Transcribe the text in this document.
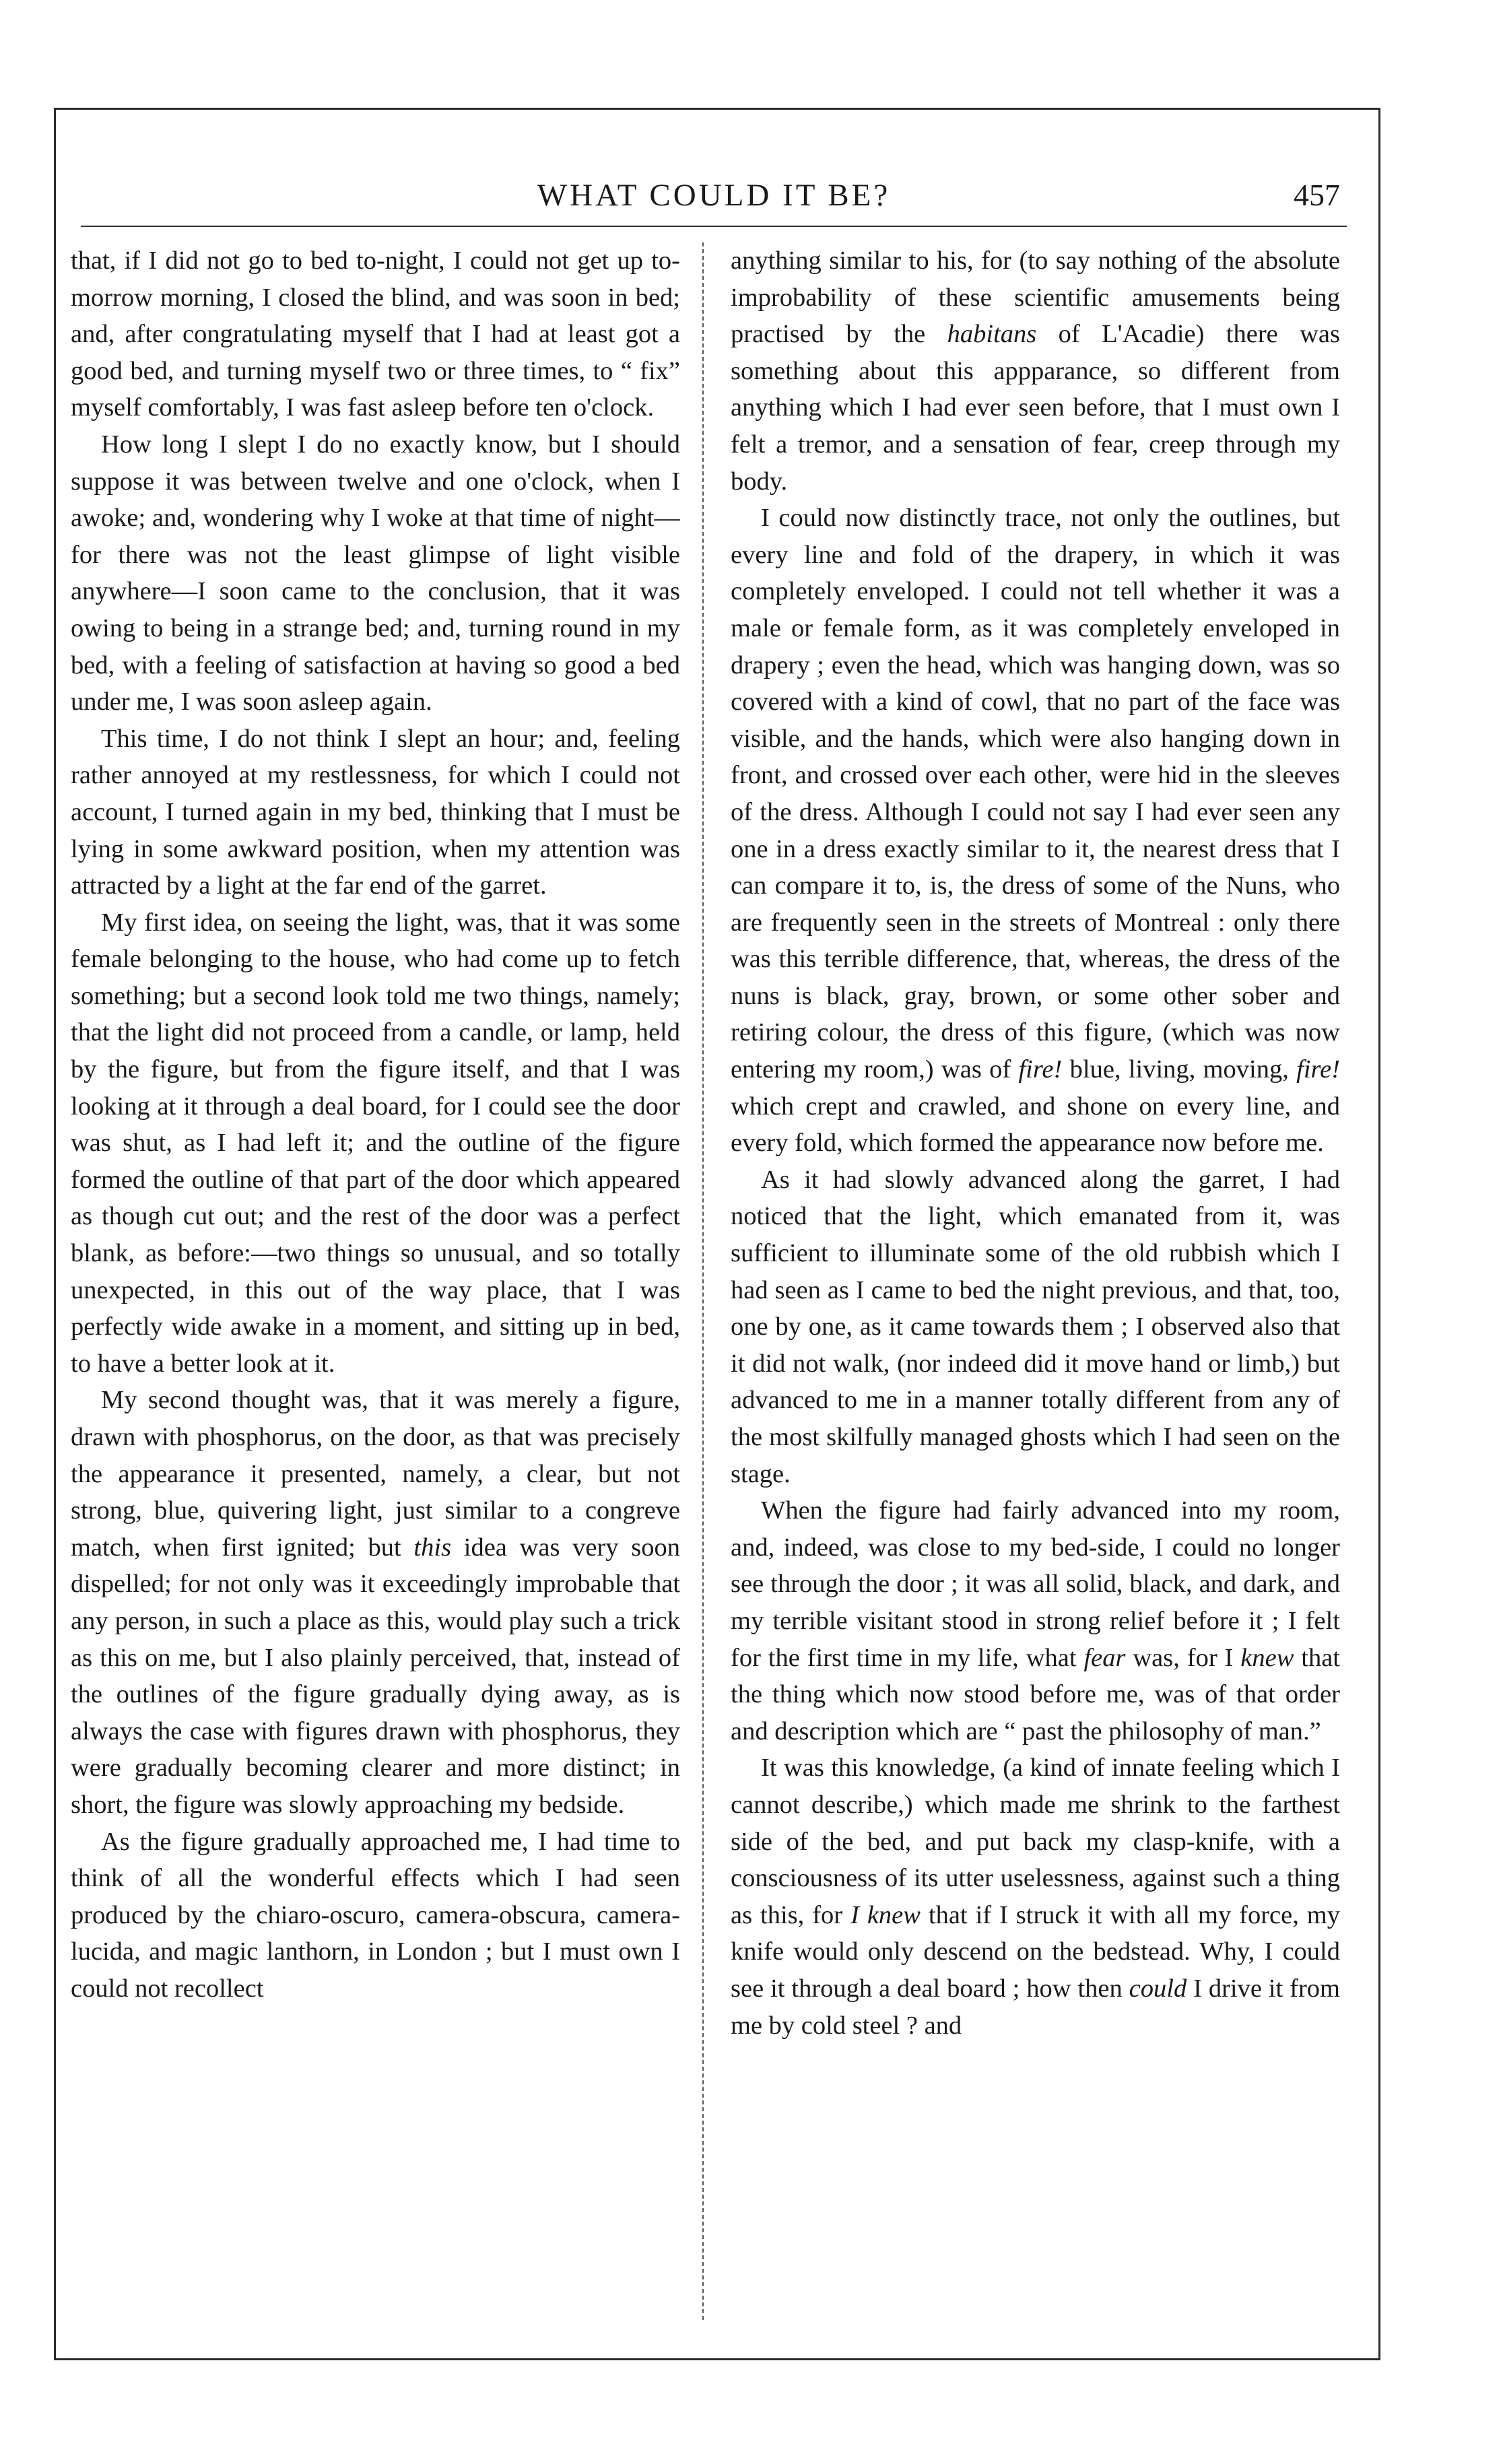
WHAT COULD IT BE?	457

that, if I did not go to bed to-night, I could not get up to-morrow morning, I closed the blind, and was soon in bed; and, after congratulating myself that I had at least got a good bed, and turning myself two or three times, to “ fix” myself comfortably, I was fast asleep before ten o'clock.

How long I slept I do no exactly know, but I should suppose it was between twelve and one o'clock, when I awoke; and, wondering why I woke at that time of night—for there was not the least glimpse of light visible anywhere—I soon came to the conclusion, that it was owing to being in a strange bed; and, turning round in my bed, with a feeling of satisfaction at having so good a bed under me, I was soon asleep again.

This time, I do not think I slept an hour; and, feeling rather annoyed at my restlessness, for which I could not account, I turned again in my bed, thinking that I must be lying in some awkward position, when my attention was attracted by a light at the far end of the garret.

My first idea, on seeing the light, was, that it was some female belonging to the house, who had come up to fetch something; but a second look told me two things, namely; that the light did not proceed from a candle, or lamp, held by the figure, but from the figure itself, and that I was looking at it through a deal board, for I could see the door was shut, as I had left it; and the outline of the figure formed the outline of that part of the door which appeared as though cut out; and the rest of the door was a perfect blank, as before:—two things so unusual, and so totally unexpected, in this out of the way place, that I was perfectly wide awake in a moment, and sitting up in bed, to have a better look at it.

My second thought was, that it was merely a figure, drawn with phosphorus, on the door, as that was precisely the appearance it presented, namely, a clear, but not strong, blue, quivering light, just similar to a congreve match, when first ignited; but this idea was very soon dispelled; for not only was it exceedingly improbable that any person, in such a place as this, would play such a trick as this on me, but I also plainly perceived, that, instead of the outlines of the figure gradually dying away, as is always the case with figures drawn with phosphorus, they were gradually becoming clearer and more distinct; in short, the figure was slowly approaching my bedside.

As the figure gradually approached me, I had time to think of all the wonderful effects which I had seen produced by the chiaro-oscuro, camera-obscura, camera-lucida, and magic lanthorn, in London ; but I must own I could not recollect

anything similar to his, for (to say nothing of the absolute improbability of these scientific amusements being practised by the habitans of L'Acadie) there was something about this appparance, so different from anything which I had ever seen before, that I must own I felt a tremor, and a sensation of fear, creep through my body.

I could now distinctly trace, not only the outlines, but every line and fold of the drapery, in which it was completely enveloped. I could not tell whether it was a male or female form, as it was completely enveloped in drapery ; even the head, which was hanging down, was so covered with a kind of cowl, that no part of the face was visible, and the hands, which were also hanging down in front, and crossed over each other, were hid in the sleeves of the dress. Although I could not say I had ever seen any one in a dress exactly similar to it, the nearest dress that I can compare it to, is, the dress of some of the Nuns, who are frequently seen in the streets of Montreal : only there was this terrible difference, that, whereas, the dress of the nuns is black, gray, brown, or some other sober and retiring colour, the dress of this figure, (which was now entering my room,) was of fire! blue, living, moving, fire! which crept and crawled, and shone on every line, and every fold, which formed the appearance now before me.

As it had slowly advanced along the garret, I had noticed that the light, which emanated from it, was sufficient to illuminate some of the old rubbish which I had seen as I came to bed the night previous, and that, too, one by one, as it came towards them ; I observed also that it did not walk, (nor indeed did it move hand or limb,) but advanced to me in a manner totally different from any of the most skilfully managed ghosts which I had seen on the stage.

When the figure had fairly advanced into my room, and, indeed, was close to my bed-side, I could no longer see through the door ; it was all solid, black, and dark, and my terrible visitant stood in strong relief before it ; I felt for the first time in my life, what fear was, for I knew that the thing which now stood before me, was of that order and description which are “ past the philosophy of man.”

It was this knowledge, (a kind of innate feeling which I cannot describe,) which made me shrink to the farthest side of the bed, and put back my clasp-knife, with a consciousness of its utter uselessness, against such a thing as this, for I knew that if I struck it with all my force, my knife would only descend on the bedstead. Why, I could see it through a deal board ; how then could I drive it from me by cold steel ? and
